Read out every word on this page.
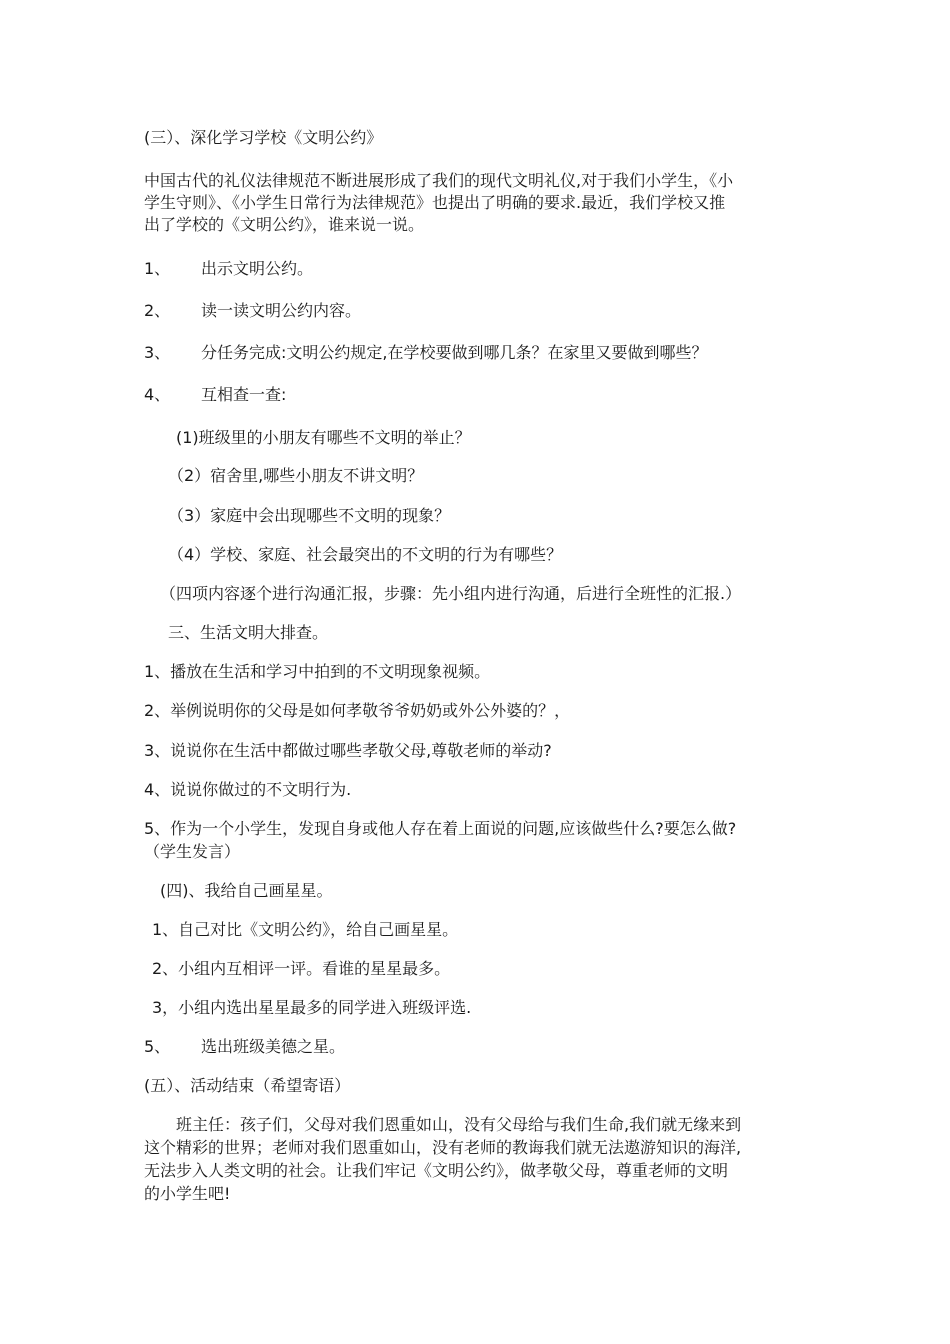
(三）、深化学习学校《文明公约》
中国古代的礼仪法律规范不断进展形成了我们的现代文明礼仪,对于我们小学生，《小
学生守则》、《小学生日常行为法律规范》也提出了明确的要求.最近，我们学校又推
出了学校的《文明公约》，谁来说一说。
1、 出示文明公约。
2、 读一读文明公约内容。
3、 分任务完成:文明公约规定,在学校要做到哪几条？在家里又要做到哪些？
4、 互相查一查:
(1)班级里的小朋友有哪些不文明的举止？
（2）宿舍里,哪些小朋友不讲文明？
（3）家庭中会出现哪些不文明的现象？
（4）学校、家庭、社会最突出的不文明的行为有哪些？
（四项内容逐个进行沟通汇报，步骤：先小组内进行沟通，后进行全班性的汇报.）
三、生活文明大排查。
1、播放在生活和学习中拍到的不文明现象视频。
2、举例说明你的父母是如何孝敬爷爷奶奶或外公外婆的？，
3、说说你在生活中都做过哪些孝敬父母,尊敬老师的举动?
4、说说你做过的不文明行为.
5、作为一个小学生，发现自身或他人存在着上面说的问题,应该做些什么?要怎么做?
（学生发言）
(四)、我给自己画星星。
1、自己对比《文明公约》，给自己画星星。
2、小组内互相评一评。看谁的星星最多。
3，小组内选出星星最多的同学进入班级评选.
5、 选出班级美德之星。
(五）、活动结束（希望寄语）
班主任：孩子们，父母对我们恩重如山，没有父母给与我们生命,我们就无缘来到
这个精彩的世界；老师对我们恩重如山，没有老师的教诲我们就无法遨游知识的海洋,
无法步入人类文明的社会。让我们牢记《文明公约》，做孝敬父母，尊重老师的文明
的小学生吧!
